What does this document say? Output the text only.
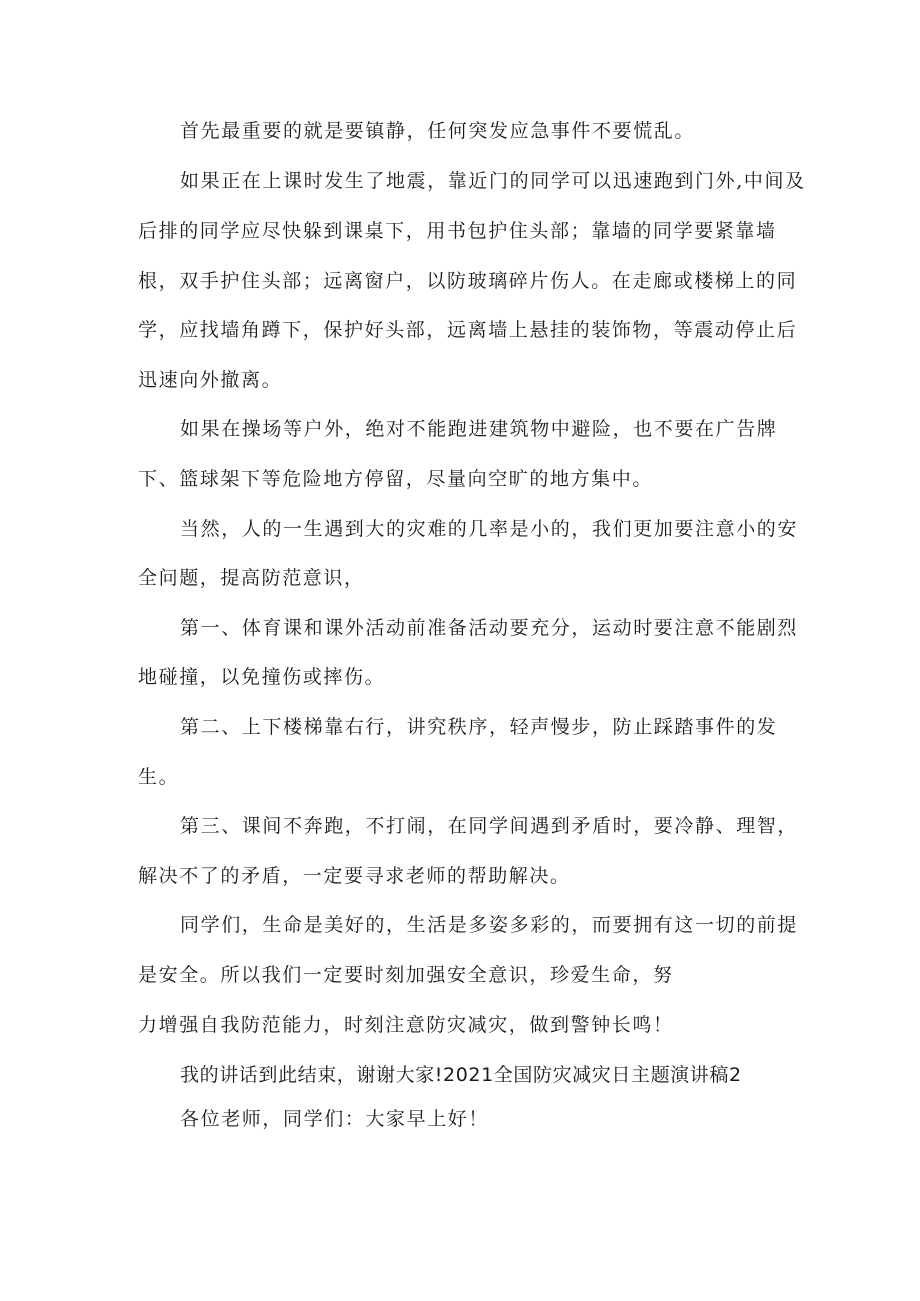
首先最重要的就是要镇静，任何突发应急事件不要慌乱。

如果正在上课时发生了地震，靠近门的同学可以迅速跑到门外,中间及

后排的同学应尽快躲到课桌下，用书包护住头部；靠墙的同学要紧靠墙

根，双手护住头部；远离窗户，以防玻璃碎片伤人。在走廊或楼梯上的同

学，应找墙角蹲下，保护好头部，远离墙上悬挂的装饰物，等震动停止后

迅速向外撤离。

如果在操场等户外，绝对不能跑进建筑物中避险，也不要在广告牌

下、篮球架下等危险地方停留，尽量向空旷的地方集中。

当然，人的一生遇到大的灾难的几率是小的，我们更加要注意小的安

全问题，提高防范意识，

第一、体育课和课外活动前准备活动要充分，运动时要注意不能剧烈

地碰撞，以免撞伤或摔伤。

第二、上下楼梯靠右行，讲究秩序，轻声慢步，防止踩踏事件的发

生。

第三、课间不奔跑，不打闹，在同学间遇到矛盾时，要冷静、理智，

解决不了的矛盾，一定要寻求老师的帮助解决。

同学们，生命是美好的，生活是多姿多彩的，而要拥有这一切的前提

是安全。所以我们一定要时刻加强安全意识，珍爱生命，努

力增强自我防范能力，时刻注意防灾减灾，做到警钟长鸣！

我的讲话到此结束，谢谢大家!2021全国防灾减灾日主题演讲稿2

各位老师，同学们：大家早上好！
